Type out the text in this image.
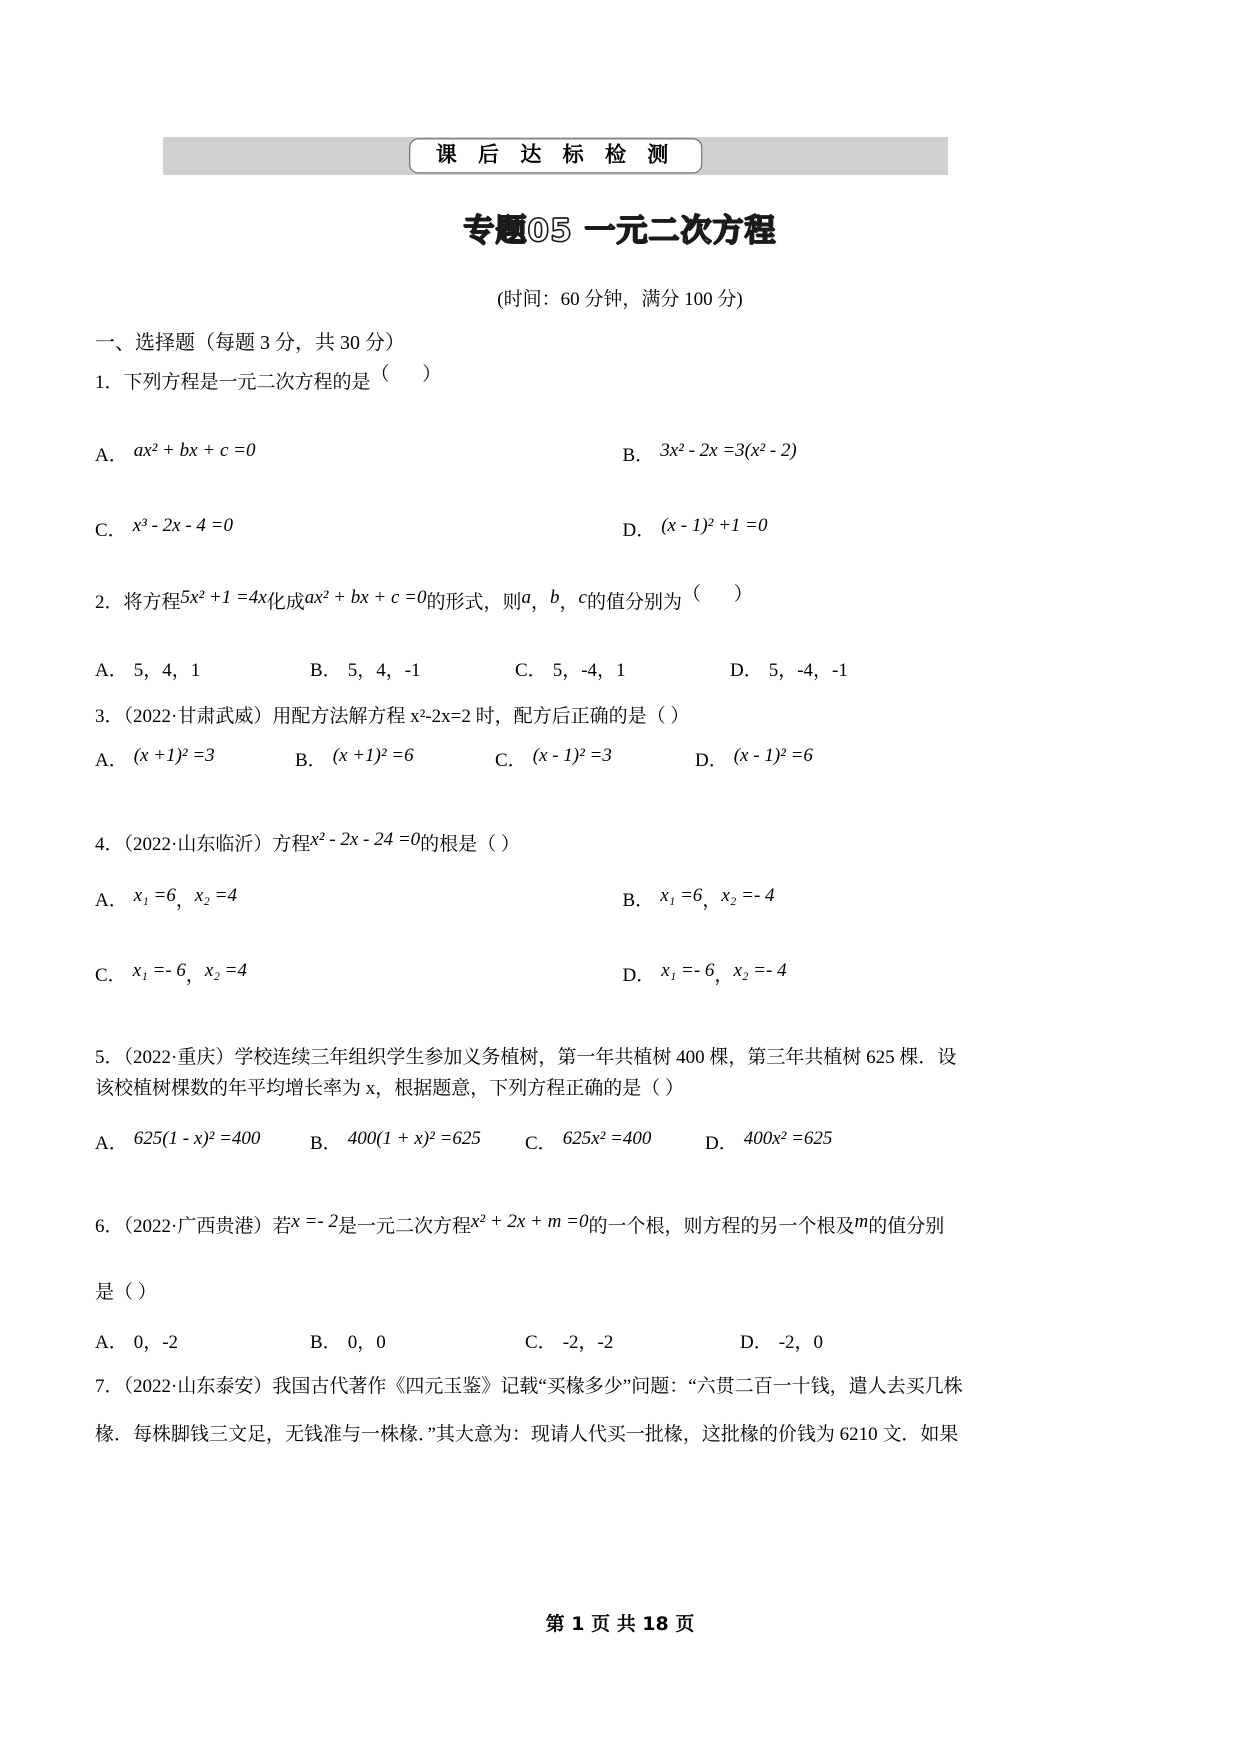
课 后 达 标 检 测
专题05 一元二次方程
(时间：60 分钟，满分 100 分)
一、选择题（每题 3 分，共 30 分）
1．下列方程是一元二次方程的是（ ）
A． ax² + bx + c =0	B． 3x² - 2x =3(x² - 2)
C． x³ - 2x - 4 =0	D． (x - 1)² +1 =0
2．将方程5x² +1 =4x化成ax² + bx + c =0的形式，则a，b，c的值分别为（ ）
A． 5，4，1	B． 5，4，-1	C． 5，-4，1	D． 5，-4，-1
3．（2022·甘肃武威）用配方法解方程 x²-2x=2 时，配方后正确的是（ ）
A． (x +1)² =3	B． (x +1)² =6	C． (x - 1)² =3	D． (x - 1)² =6
4．（2022·山东临沂）方程x² - 2x - 24 =0的根是（ ）
A． x₁ =6 ， x₂ =4	B． x₁ =6 ， x₂ =- 4
C． x₁ =- 6 ， x₂ =4	D． x₁ =- 6 ， x₂ =- 4
5．（2022·重庆）学校连续三年组织学生参加义务植树，第一年共植树 400 棵，第三年共植树 625 棵．设
该校植树棵数的年平均增长率为 x，根据题意，下列方程正确的是（ ）
A． 625(1 - x)² =400	B． 400(1 + x)² =625 C． 625x² =400	D． 400x² =625
6．（2022·广西贵港）若x =- 2是一元二次方程x² + 2x + m =0的一个根，则方程的另一个根及m的值分别
是（ ）
A． 0，-2	B． 0，0	C． -2，-2	D． -2，0
7．（2022·山东泰安）我国古代著作《四元玉鉴》记载“买椽多少”问题：“六贯二百一十钱，遣人去买几株
椽．每株脚钱三文足，无钱准与一株椽．”其大意为：现请人代买一批椽，这批椽的价钱为 6210 文．如果
第 1 页 共 18 页
